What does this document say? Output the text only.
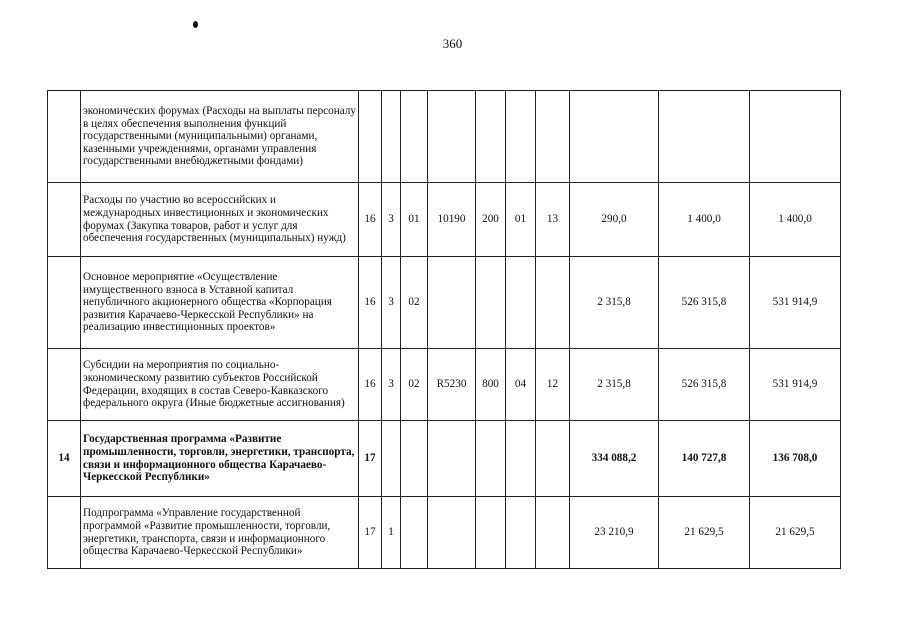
360
	экономических форумах (Расходы на выплаты персоналу в целях обеспечения выполнения функций государственными (муниципальными) органами, казенными учреждениями, органами управления государственными внебюджетными фондами)										
	Расходы по участию во всероссийских и международных инвестиционных и экономических форумах (Закупка товаров, работ и услуг для обеспечения государственных (муниципальных) нужд)	16	3	01	10190	200	01	13	290,0	1 400,0	1 400,0
	Основное мероприятие «Осуществление имущественного взноса в Уставной капитал непубличного акционерного общества «Корпорация развития Карачаево-Черкесской Республики» на реализацию инвестиционных проектов»	16	3	02					2 315,8	526 315,8	531 914,9
	Субсидии на мероприятия по социально-экономическому развитию субъектов Российской Федерации, входящих в состав Северо-Кавказского федерального округа (Иные бюджетные ассигнования)	16	3	02	R5230	800	04	12	2 315,8	526 315,8	531 914,9
14	Государственная программа «Развитие промышленности, торговли, энергетики, транспорта, связи и информационного общества Карачаево-Черкесской Республики»	17							334 088,2	140 727,8	136 708,0
	Подпрограмма «Управление государственной программой «Развитие промышленности, торговли, энергетики, транспорта, связи и информационного общества Карачаево-Черкесской Республики»	17	1						23 210,9	21 629,5	21 629,5
